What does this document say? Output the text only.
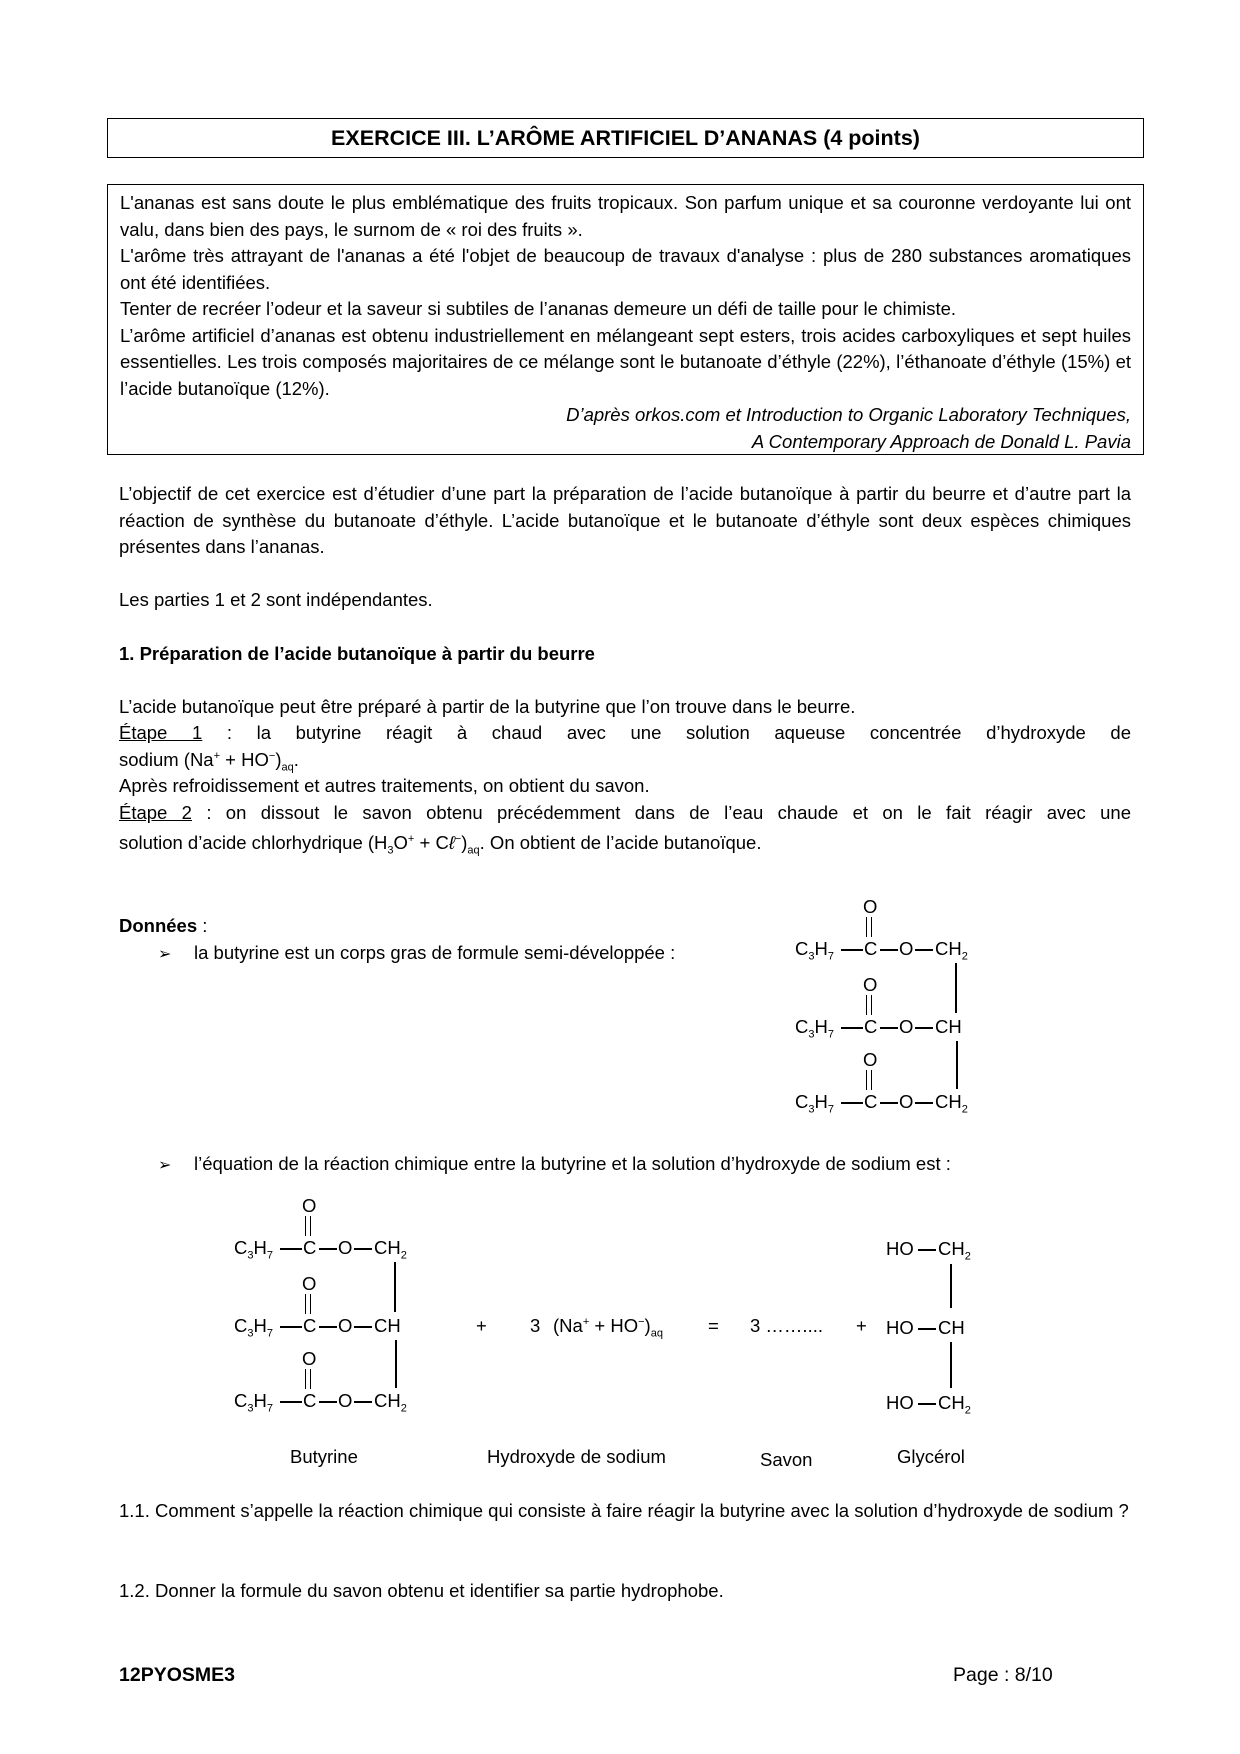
EXERCICE III. L’ARÔME ARTIFICIEL D’ANANAS (4 points)

L'ananas est sans doute le plus emblématique des fruits tropicaux. Son parfum unique et sa couronne verdoyante lui ont valu, dans bien des pays, le surnom de « roi des fruits ».

L'arôme très attrayant de l'ananas a été l'objet de beaucoup de travaux d'analyse : plus de 280 substances aromatiques ont été identifiées.

Tenter de recréer l’odeur et la saveur si subtiles de l’ananas demeure un défi de taille pour le chimiste.

L’arôme artificiel d’ananas est obtenu industriellement en mélangeant sept esters, trois acides carboxyliques et sept huiles essentielles. Les trois composés majoritaires de ce mélange sont le butanoate d’éthyle (22%), l’éthanoate d’éthyle (15%) et l’acide butanoïque (12%).

D’après orkos.com et Introduction to Organic Laboratory Techniques,

A Contemporary Approach de Donald L. Pavia

L’objectif de cet exercice est d’étudier d’une part la préparation de l’acide butanoïque à partir du beurre et d’autre part la réaction de synthèse du butanoate d’éthyle. L’acide butanoïque et le butanoate d’éthyle sont deux espèces chimiques présentes dans l’ananas.

Les parties 1 et 2 sont indépendantes.

1. Préparation de l’acide butanoïque à partir du beurre

L’acide butanoïque peut être préparé à partir de la butyrine que l’on trouve dans le beurre.

Étape 1 : la butyrine réagit à chaud avec une solution aqueuse concentrée d’hydroxyde de

sodium $(Na^+ + HO^-)_{aq}$.

Après refroidissement et autres traitements, on obtient du savon.

Étape 2 : on dissout le savon obtenu précédemment dans de l’eau chaude et on le fait réagir avec une

solution d’acide chlorhydrique ($H_3O^+$ + $C\ell^-)_{aq}$. On obtient de l’acide butanoïque.

Données :
➢ la butyrine est un corps gras de formule semi-développée :	$C_3H_7$ C
O
O $CH_2$
$C_3H_7$ C
O
O CH
$C_3H_7$ C
O
O $CH_2$
➢ l’équation de la réaction chimique entre la butyrine et la solution d’hydroxyde de sodium est :
$C_3H_7$ C
O
O $CH_2$
$C_3H_7$ C
O
O CH
$C_3H_7$ C
O
O $CH_2$
+ 3 $(Na^+ + HO^-)_{aq} = 3$ …….... +
HO $CH_2$
HO CH
HO $CH_2$
Butyrine	Hydroxyde de sodium	Savon	Glycérol

1.1. Comment s’appelle la réaction chimique qui consiste à faire réagir la butyrine avec la solution d’hydroxyde de sodium ?

1.2. Donner la formule du savon obtenu et identifier sa partie hydrophobe.

12PYOSME3	Page : 8/10
